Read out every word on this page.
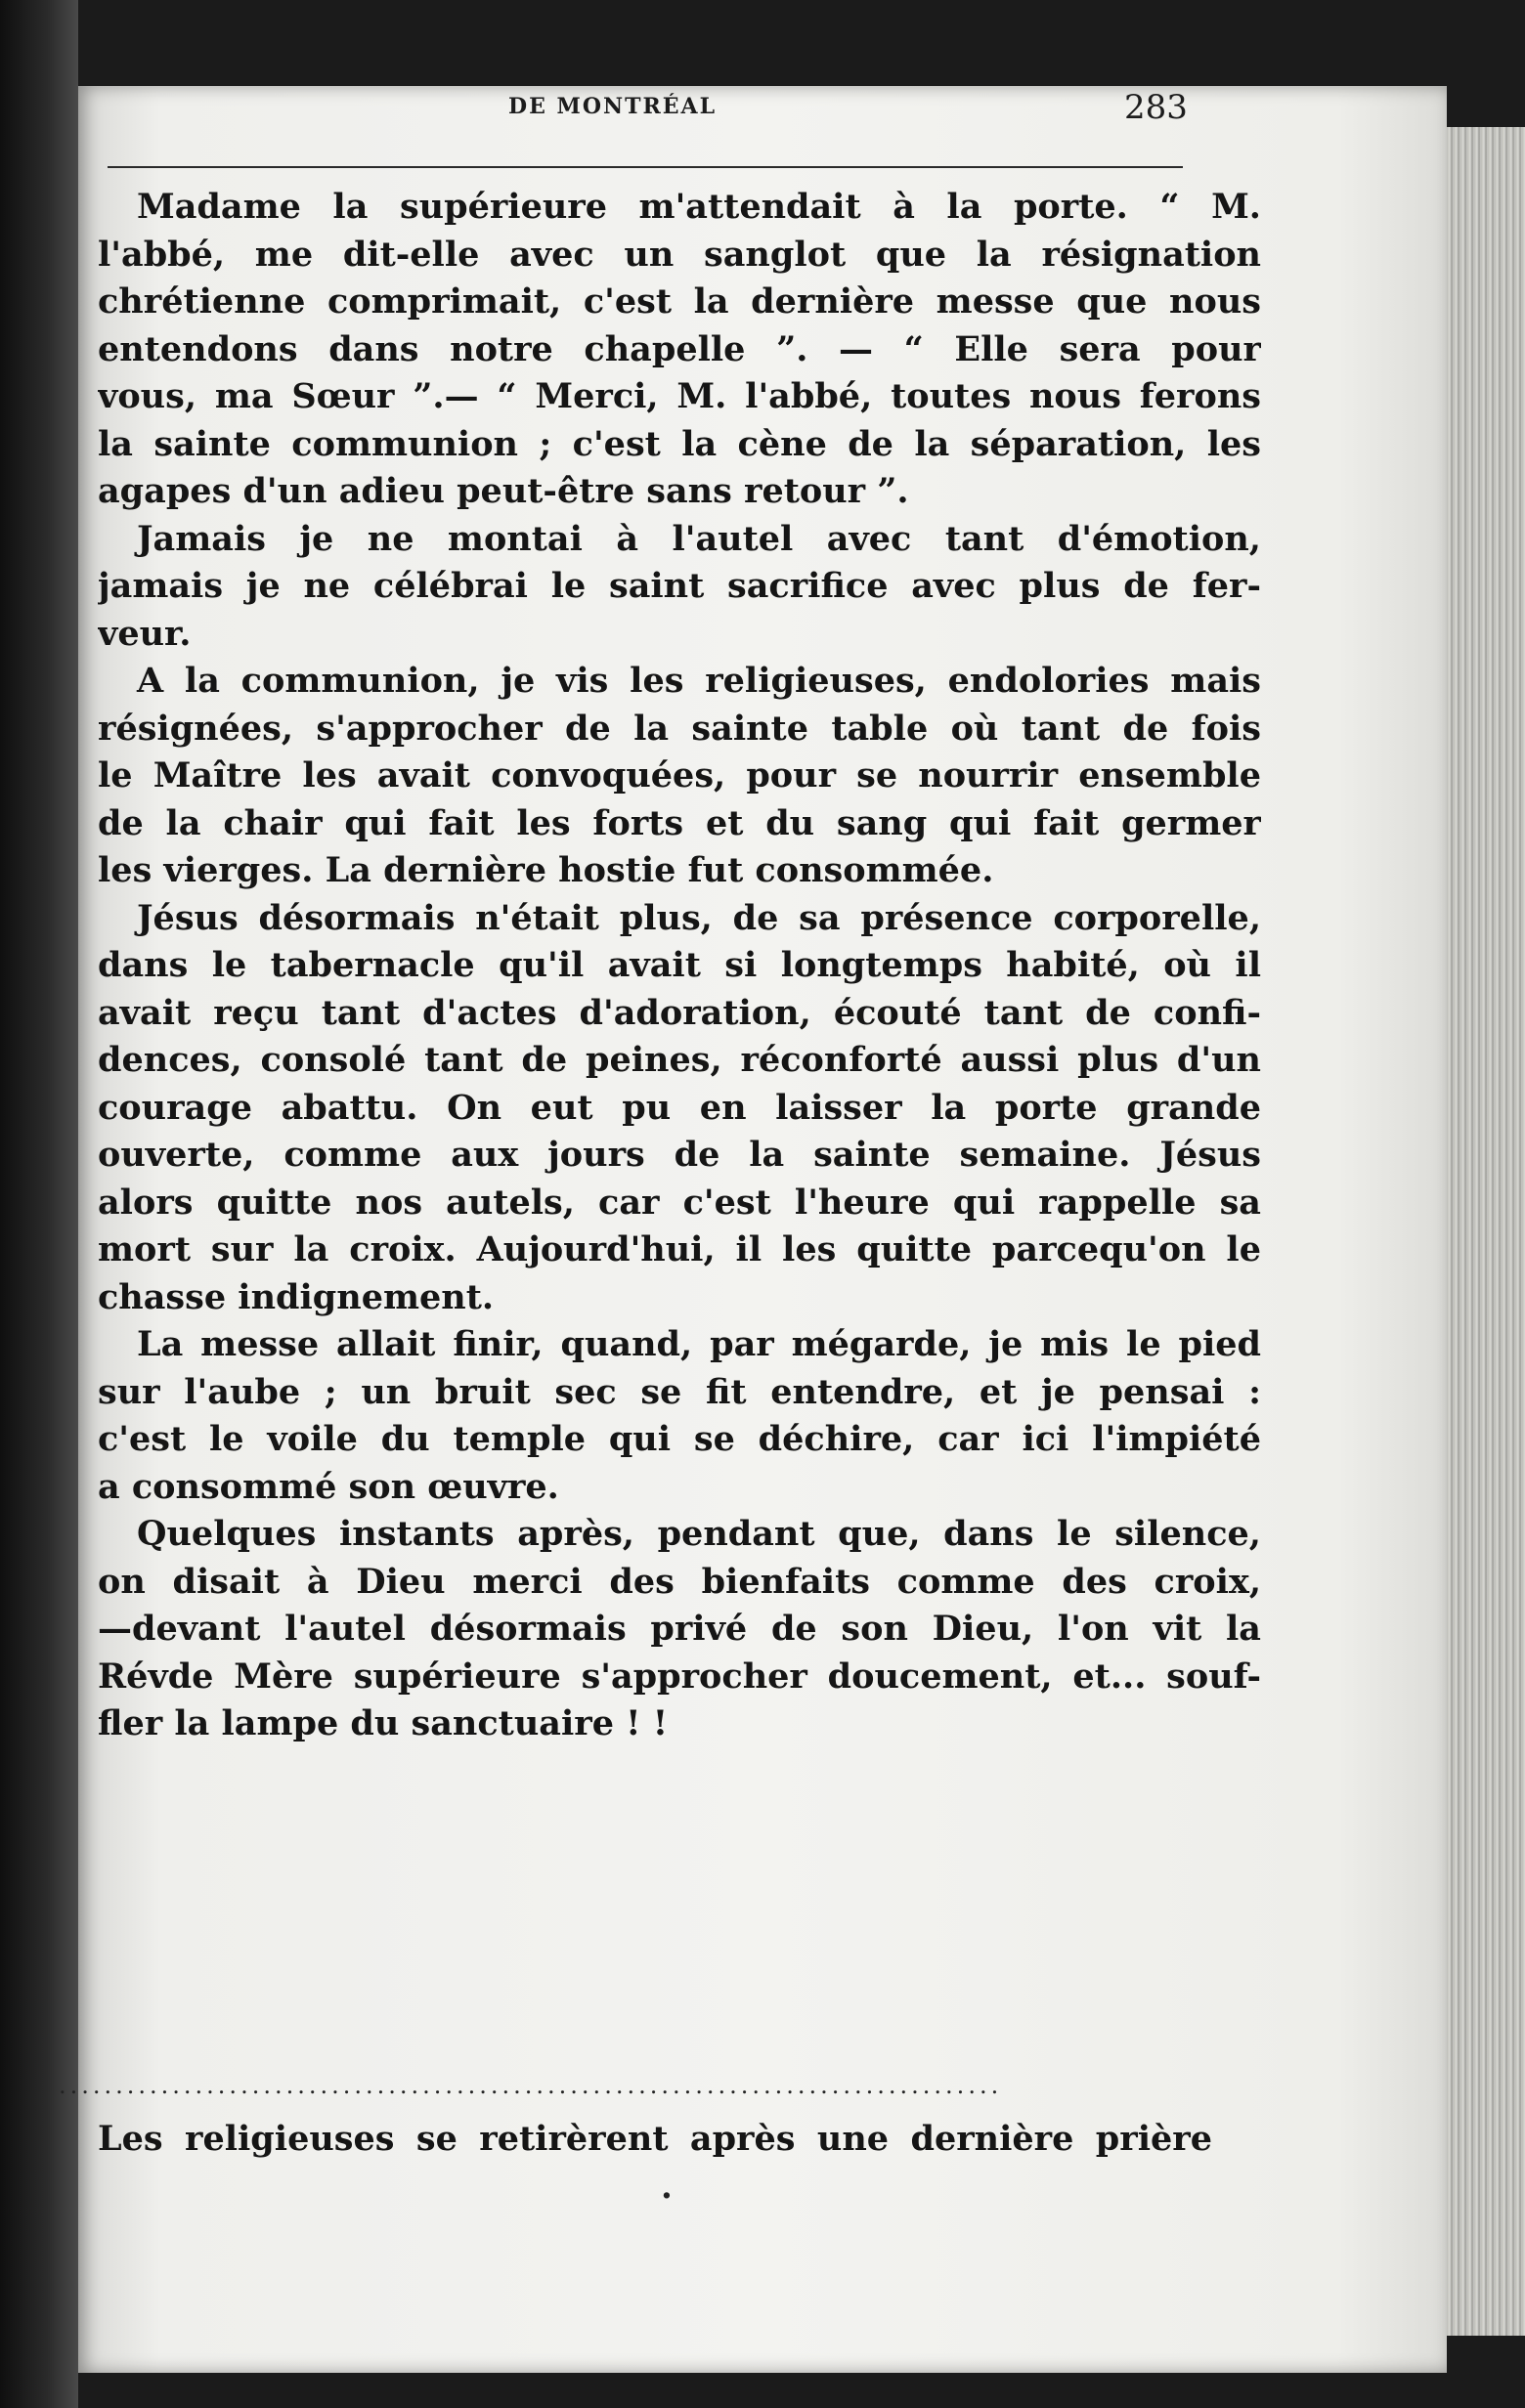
DE MONTRÉAL	283

Madame la supérieure m'attendait à la porte. “ M.
l'abbé, me dit-elle avec un sanglot que la résignation
chrétienne comprimait, c'est la dernière messe que nous
entendons dans notre chapelle ”. — “ Elle sera pour
vous, ma Sœur ”.— “ Merci, M. l'abbé, toutes nous ferons
la sainte communion ; c'est la cène de la séparation, les
agapes d'un adieu peut-être sans retour ”.

Jamais je ne montai à l'autel avec tant d'émotion,
jamais je ne célébrai le saint sacrifice avec plus de fer-
veur.

A la communion, je vis les religieuses, endolories mais
résignées, s'approcher de la sainte table où tant de fois
le Maître les avait convoquées, pour se nourrir ensemble
de la chair qui fait les forts et du sang qui fait germer
les vierges. La dernière hostie fut consommée.

Jésus désormais n'était plus, de sa présence corporelle,
dans le tabernacle qu'il avait si longtemps habité, où il
avait reçu tant d'actes d'adoration, écouté tant de confi-
dences, consolé tant de peines, réconforté aussi plus d'un
courage abattu. On eut pu en laisser la porte grande
ouverte, comme aux jours de la sainte semaine. Jésus
alors quitte nos autels, car c'est l'heure qui rappelle sa
mort sur la croix. Aujourd'hui, il les quitte parcequ'on le
chasse indignement.

La messe allait finir, quand, par mégarde, je mis le pied
sur l'aube ; un bruit sec se fit entendre, et je pensai :
c'est le voile du temple qui se déchire, car ici l'impiété
a consommé son œuvre.

Quelques instants après, pendant que, dans le silence,
on disait à Dieu merci des bienfaits comme des croix,
—devant l'autel désormais privé de son Dieu, l'on vit la
Révde Mère supérieure s'approcher doucement, et... souf-
fler la lampe du sanctuaire ! !

...................................................................................
Les religieuses se retirèrent après une dernière prière
.
